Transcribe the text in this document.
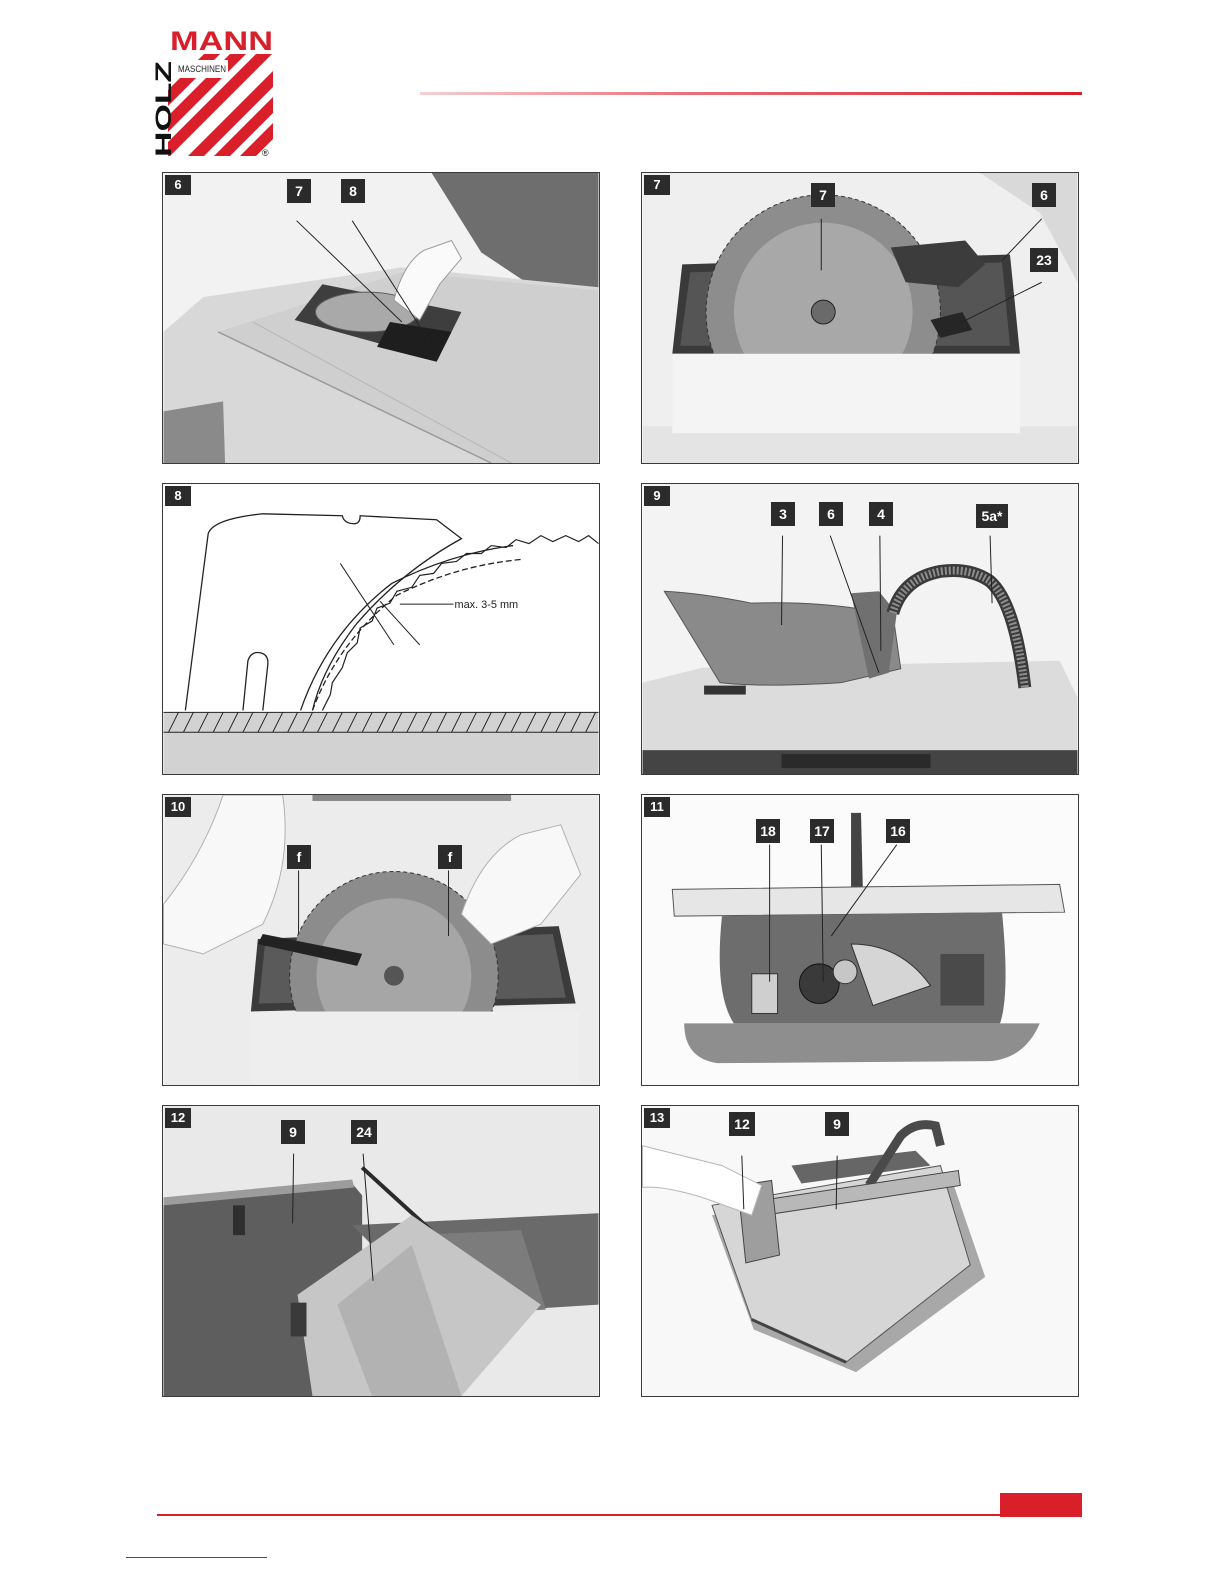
MANN
MASCHINEN
HOLZ	®
6	7	8	7
7	6
23
8
max. 3-5 mm
9
3	6	4	5a*
10
f	f
11
18	17	16
12
9	24
13	12	9
